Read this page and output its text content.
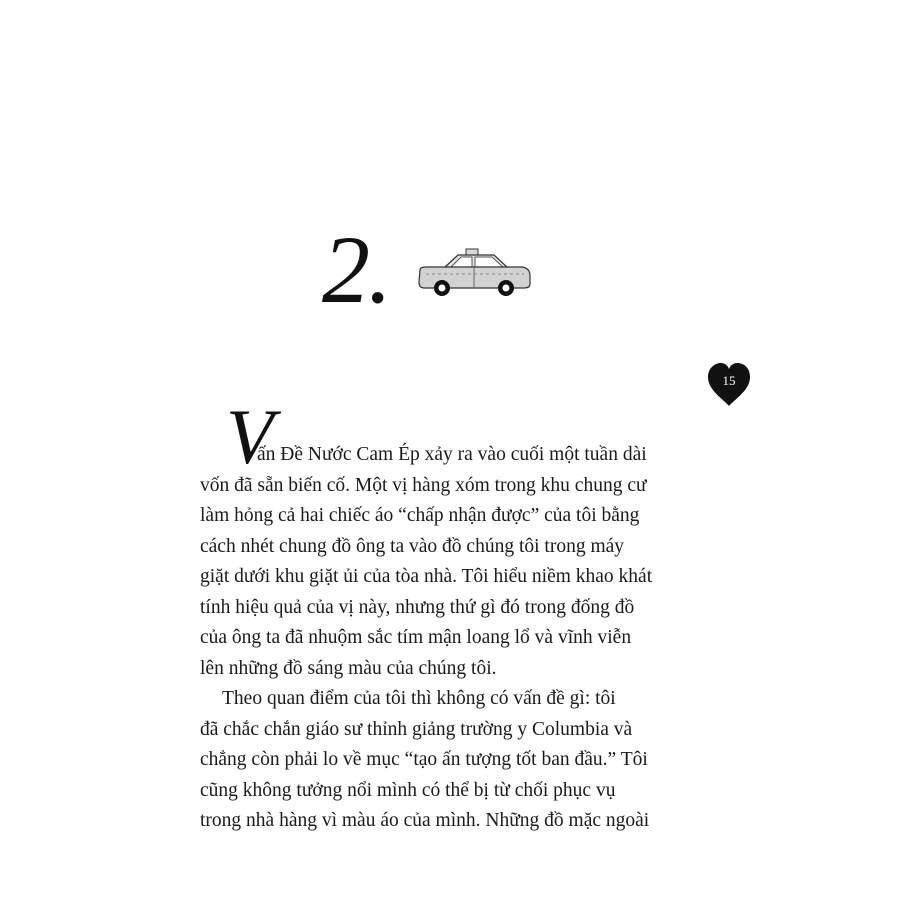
2.
15
V
ấn Đề Nước Cam Ép xảy ra vào cuối một tuần dài
vốn đã sẵn biến cố. Một vị hàng xóm trong khu chung cư
làm hỏng cả hai chiếc áo “chấp nhận được” của tôi bằng
cách nhét chung đồ ông ta vào đồ chúng tôi trong máy
giặt dưới khu giặt ủi của tòa nhà. Tôi hiểu niềm khao khát
tính hiệu quả của vị này, nhưng thứ gì đó trong đống đồ
của ông ta đã nhuộm sắc tím mận loang lổ và vĩnh viễn
lên những đồ sáng màu của chúng tôi.
Theo quan điểm của tôi thì không có vấn đề gì: tôi
đã chắc chắn giáo sư thỉnh giảng trường y Columbia và
chẳng còn phải lo về mục “tạo ấn tượng tốt ban đầu.” Tôi
cũng không tưởng nổi mình có thể bị từ chối phục vụ
trong nhà hàng vì màu áo của mình. Những đồ mặc ngoài
